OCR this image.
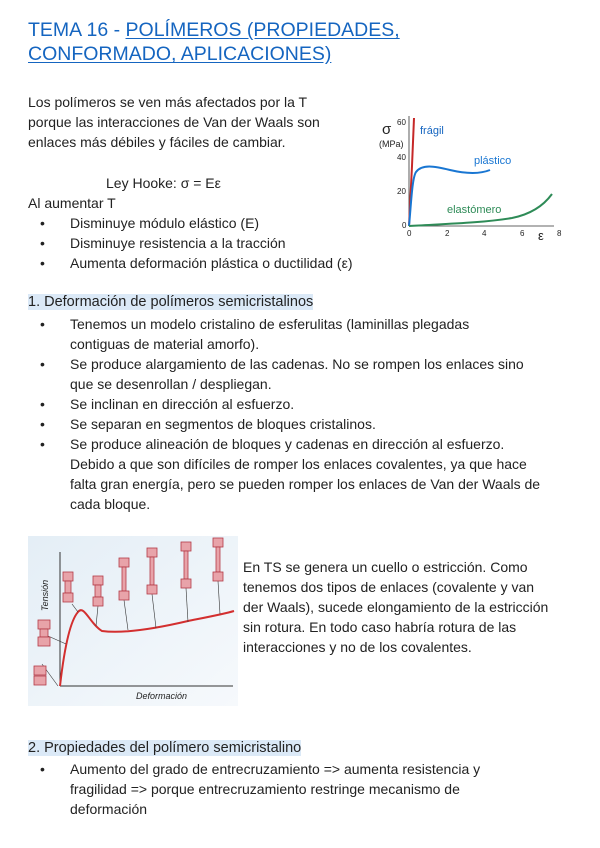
TEMA 16 - POLÍMEROS (PROPIEDADES, CONFORMADO, APLICACIONES)
Los polímeros se ven más afectados por la T
porque las interacciones de Van der Waals son
enlaces más débiles y fáciles de cambiar.
Ley Hooke: σ = Eε
Al aumentar T
• Disminuye módulo elástico (E)
• Disminuye resistencia a la tracción
• Aumenta deformación plástica o ductilidad (ε)
σ
(MPa)
60
40
20
0
0	2	4	6	8
ε
frágil
plástico
elastómero
1. Deformación de polímeros semicristalinos
• Tenemos un modelo cristalino de esferulitas (laminillas plegadas
contiguas de material amorfo).
• Se produce alargamiento de las cadenas. No se rompen los enlaces sino
que se desenrollan / despliegan.
• Se inclinan en dirección al esfuerzo.
• Se separan en segmentos de bloques cristalinos.
• Se produce alineación de bloques y cadenas en dirección al esfuerzo.
Debido a que son difíciles de romper los enlaces covalentes, ya que hace
falta gran energía, pero se pueden romper los enlaces de Van der Waals de
cada bloque.
Tensión
Deformación
En TS se genera un cuello o estricción. Como
tenemos dos tipos de enlaces (covalente y van
der Waals), sucede elongamiento de la estricción
sin rotura. En todo caso habría rotura de las
interacciones y no de los covalentes.
2. Propiedades del polímero semicristalino
• Aumento del grado de entrecruzamiento => aumenta resistencia y
fragilidad => porque entrecruzamiento restringe mecanismo de
deformación
